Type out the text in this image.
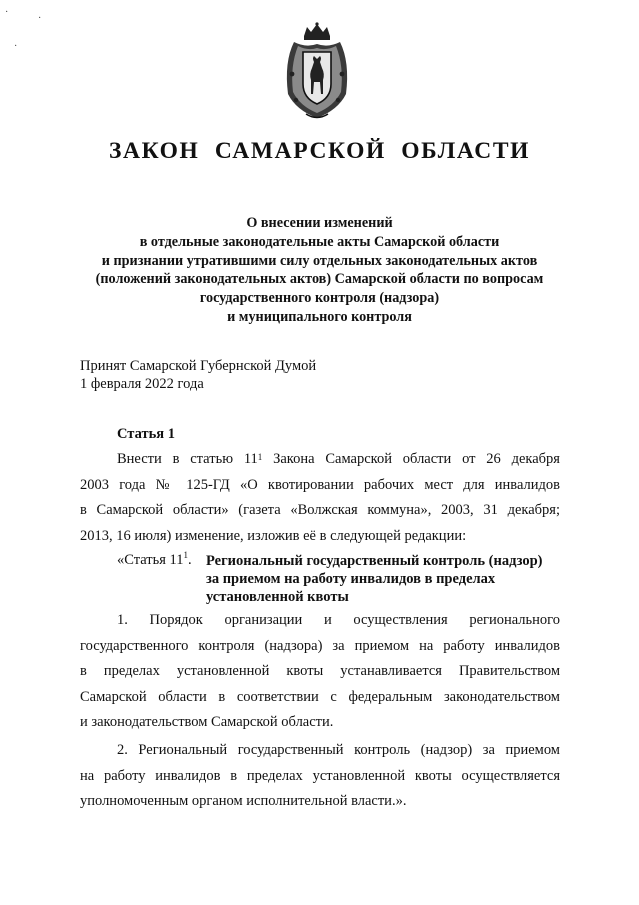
·
·
·
ЗАКОН САМАРСКОЙ ОБЛАСТИ
О внесении изменений
в отдельные законодательные акты Самарской области
и признании утратившими силу отдельных законодательных актов
(положений законодательных актов) Самарской области по вопросам
государственного контроля (надзора)
и муниципального контроля
Принят Самарской Губернской Думой
1 февраля 2022 года
Статья 1
Внести в статью $11^1$ Закона Самарской области от 26 декабря
2003 года № 125-ГД «О квотировании рабочих мест для инвалидов
в Самарской области» (газета «Волжская коммуна», 2003, 31 декабря;
2013, 16 июля) изменение, изложив её в следующей редакции:
«Статья $11^1$. Региональный государственный контроль (надзор)
за приемом на работу инвалидов в пределах
установленной квоты
1. Порядок организации и осуществления регионального
государственного контроля (надзора) за приемом на работу инвалидов
в пределах установленной квоты устанавливается Правительством
Самарской области в соответствии с федеральным законодательством
и законодательством Самарской области.
2. Региональный государственный контроль (надзор) за приемом
на работу инвалидов в пределах установленной квоты осуществляется
уполномоченным органом исполнительной власти.».
